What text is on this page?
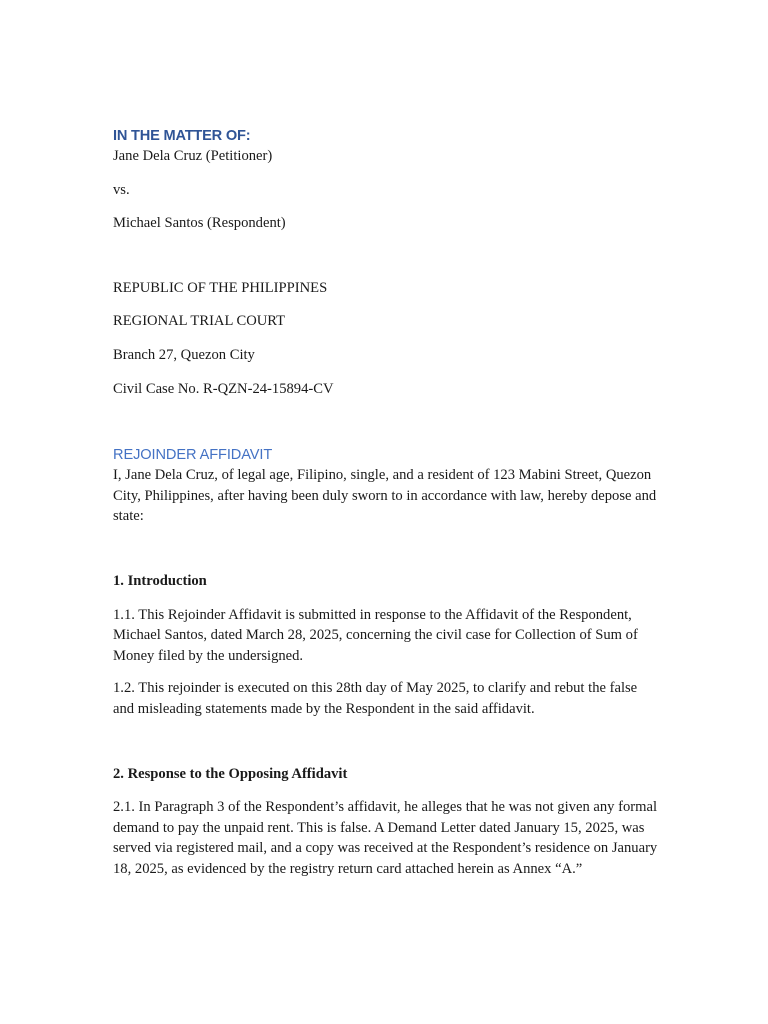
IN THE MATTER OF:

Jane Dela Cruz (Petitioner)

vs.

Michael Santos (Respondent)

REPUBLIC OF THE PHILIPPINES

REGIONAL TRIAL COURT

Branch 27, Quezon City

Civil Case No. R-QZN-24-15894-CV

REJOINDER AFFIDAVIT

I, Jane Dela Cruz, of legal age, Filipino, single, and a resident of 123 Mabini Street, Quezon City, Philippines, after having been duly sworn to in accordance with law, hereby depose and state:

1. Introduction

1.1. This Rejoinder Affidavit is submitted in response to the Affidavit of the Respondent, Michael Santos, dated March 28, 2025, concerning the civil case for Collection of Sum of Money filed by the undersigned.

1.2. This rejoinder is executed on this 28th day of May 2025, to clarify and rebut the false and misleading statements made by the Respondent in the said affidavit.

2. Response to the Opposing Affidavit

2.1. In Paragraph 3 of the Respondent’s affidavit, he alleges that he was not given any formal demand to pay the unpaid rent. This is false. A Demand Letter dated January 15, 2025, was served via registered mail, and a copy was received at the Respondent’s residence on January 18, 2025, as evidenced by the registry return card attached herein as Annex “A.”
